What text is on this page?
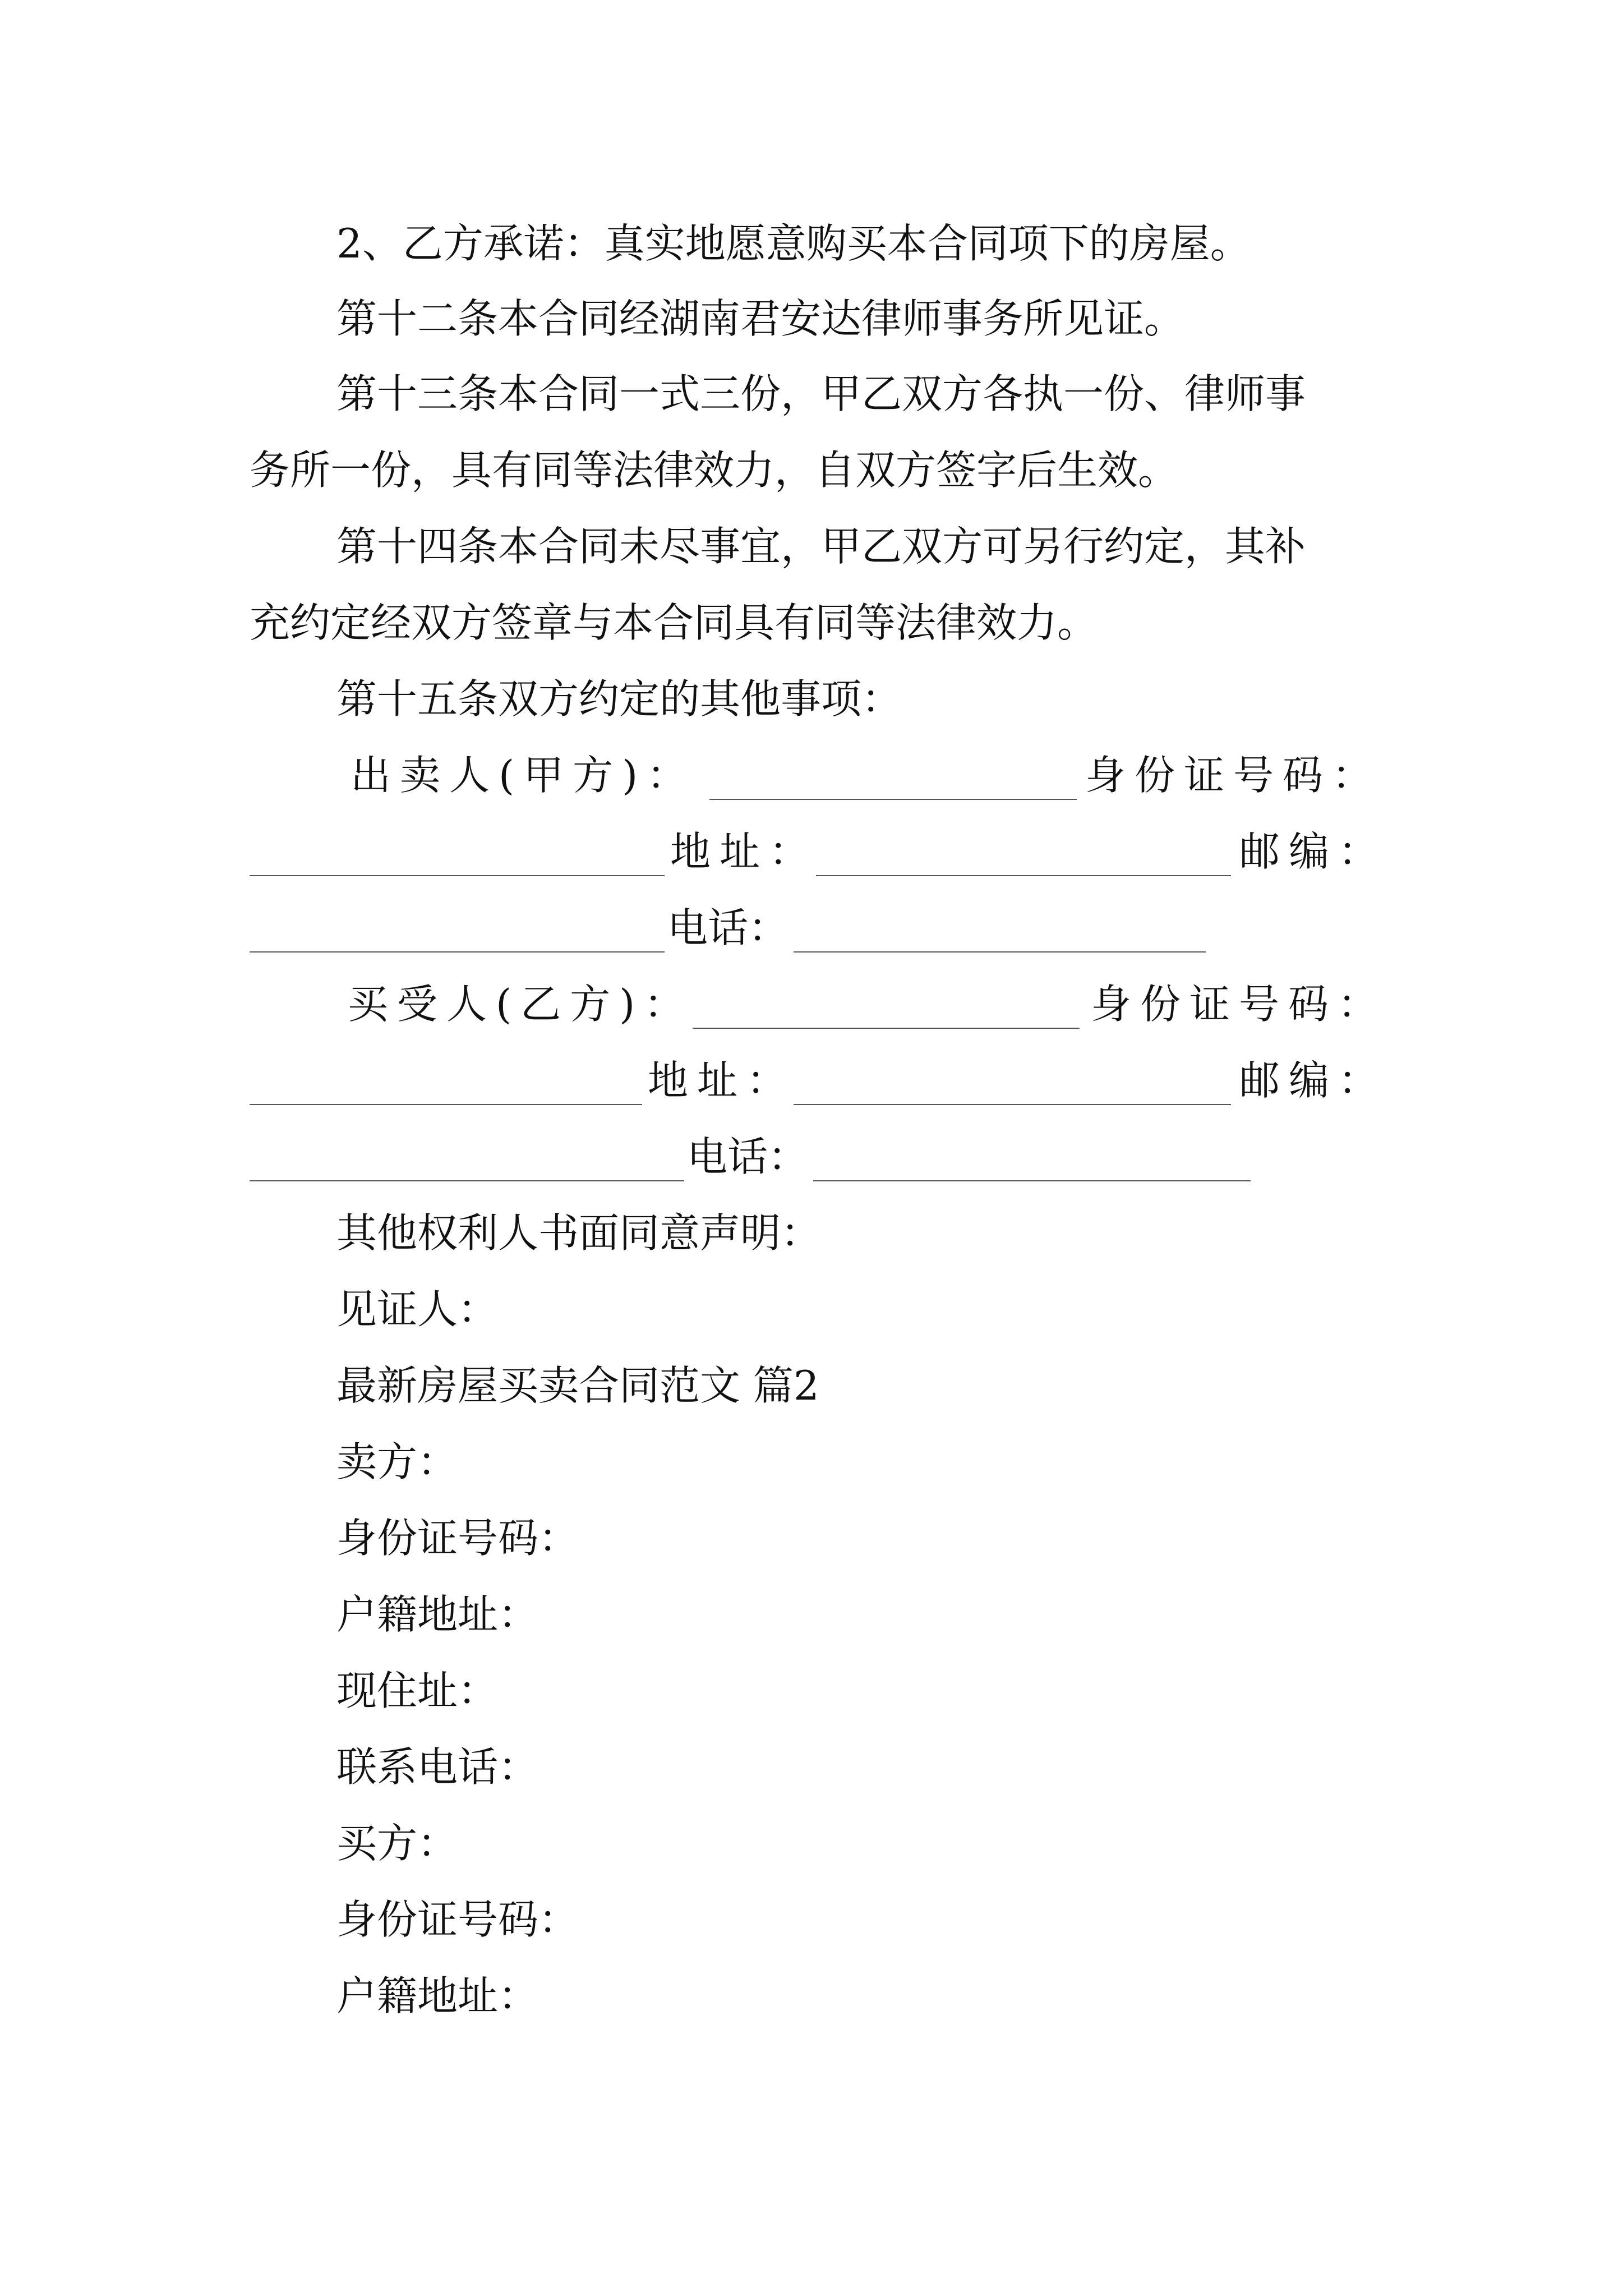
2、乙方承诺：真实地愿意购买本合同项下的房屋。
第十二条本合同经湖南君安达律师事务所见证。
第十三条本合同一式三份，甲乙双方各执一份、律师事
务所一份，具有同等法律效力，自双方签字后生效。
第十四条本合同未尽事宜，甲乙双方可另行约定，其补
充约定经双方签章与本合同具有同等法律效力。
第十五条双方约定的其他事项：
出卖人(甲方)：	身份证号码：
地址：	邮编：
电话：
买受人(乙方)：	身份证号码：
地址：	邮编：
电话：
其他权利人书面同意声明：
见证人：
最新房屋买卖合同范文 篇2
卖方：
身份证号码：
户籍地址：
现住址：
联系电话：
买方：
身份证号码：
户籍地址：
